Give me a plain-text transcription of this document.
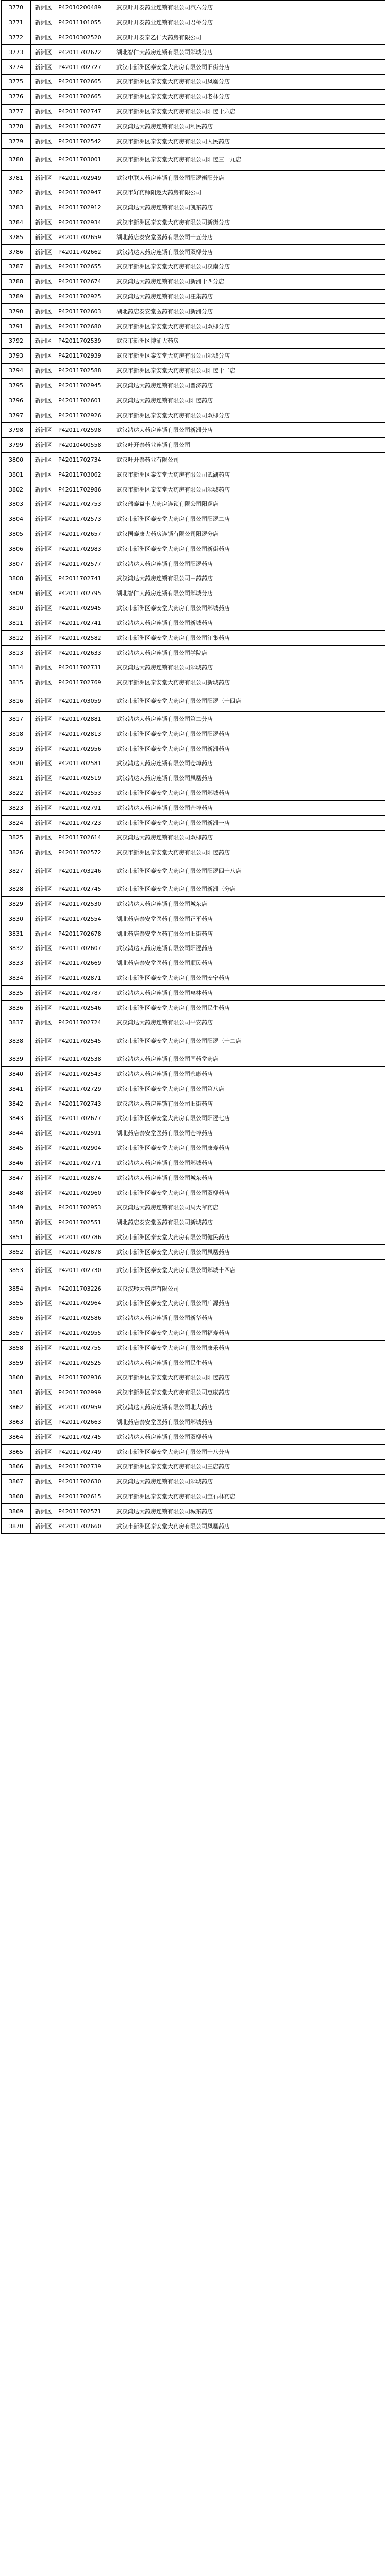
3770	新洲区	P42010200489	武汉叶开泰药业连锁有限公司汽六分店
3771	新洲区	P42011101055	武汉叶开泰药业连锁有限公司君桥分店
3772	新洲区	P42010302520	武汉叶开泰泰乙仁大药房有限公司
3773	新洲区	P42011702672	湖北智仁大药房连锁有限公司邾城分店
3774	新洲区	P42011702727	武汉市新洲区泰安堂大药房有限公司旧街分店
3775	新洲区	P42011702665	武汉市新洲区泰安堂大药房有限公司凤凰分店
3776	新洲区	P42011702665	武汉市新洲区泰安堂大药房有限公司老林分店
3777	新洲区	P42011702747	武汉市新洲区泰安堂大药房有限公司阳逻十六店
3778	新洲区	P42011702677	武汉鸿达大药房连锁有限公司利民药店
3779	新洲区	P42011702542	武汉市新洲区泰安堂大药房有限公司人民药店
3780	新洲区	P42011703001	武汉市新洲区泰安堂大药房有限公司阳逻三十九店
3781	新洲区	P42011702949	武汉中联大药房连锁有限公司阳逻衡阳分店
3782	新洲区	P42011702947	武汉市好药师阳逻大药房有限公司
3783	新洲区	P42011702912	武汉鸿达大药房连锁有限公司凯东药店
3784	新洲区	P42011702934	武汉市新洲区泰安堂大药房有限公司新街分店
3785	新洲区	P42011702659	湖北药店泰安堂医药有限公司十五分店
3786	新洲区	P42011702662	武汉鸿达大药房连锁有限公司双柳分店
3787	新洲区	P42011702655	武汉市新洲区泰安堂大药房有限公司汉南分店
3788	新洲区	P42011702674	武汉鸿达大药房连锁有限公司新洲十四分店
3789	新洲区	P42011702925	武汉鸿达大药房连锁有限公司汪集药店
3790	新洲区	P42011702603	湖北药店泰安堂医药有限公司新洲分店
3791	新洲区	P42011702680	武汉市新洲区泰安堂大药房有限公司双柳分店
3792	新洲区	P42011702539	武汉市新洲区博涌大药房
3793	新洲区	P42011702939	武汉市新洲区泰安堂大药房有限公司邾城分店
3794	新洲区	P42011702588	武汉市新洲区泰安堂大药房有限公司阳逻十二店
3795	新洲区	P42011702945	武汉鸿达大药房连锁有限公司普济药店
3796	新洲区	P42011702601	武汉鸿达大药房连锁有限公司阳逻药店
3797	新洲区	P42011702926	武汉市新洲区泰安堂大药房有限公司双柳分店
3798	新洲区	P42011702598	武汉鸿达大药房连锁有限公司新洲分店
3799	新洲区	P42010400558	武汉叶开泰药业连锁有限公司
3800	新洲区	P42011702734	武汉叶开泰药业有限公司
3801	新洲区	P42011703062	武汉市新洲区泰安堂大药房有限公司武湖药店
3802	新洲区	P42011702986	武汉市新洲区泰安堂大药房有限公司邾城药店
3803	新洲区	P42011702753	武汉瑞泰益丰大药房连锁有限公司阳逻店
3804	新洲区	P42011702573	武汉市新洲区泰安堂大药房有限公司阳逻二店
3805	新洲区	P42011702657	武汉国泰康大药房连锁有限公司阳逻分店
3806	新洲区	P42011702983	武汉市新洲区泰安堂大药房有限公司新街药店
3807	新洲区	P42011702577	武汉鸿达大药房连锁有限公司阳逻药店
3808	新洲区	P42011702741	武汉鸿达大药房连锁有限公司中药药店
3809	新洲区	P42011702795	湖北智仁大药房连锁有限公司邾城分店
3810	新洲区	P42011702945	武汉市新洲区泰安堂大药房有限公司邾城药店
3811	新洲区	P42011702741	武汉鸿达大药房连锁有限公司新城药店
3812	新洲区	P42011702582	武汉市新洲区泰安堂大药房有限公司汪集药店
3813	新洲区	P42011702633	武汉鸿达大药房连锁有限公司学院店
3814	新洲区	P42011702731	武汉鸿达大药房连锁有限公司邾城药店
3815	新洲区	P42011702769	武汉市新洲区泰安堂大药房有限公司新城药店
3816	新洲区	P42011703059	武汉市新洲区泰安堂大药房有限公司阳逻三十四店
3817	新洲区	P42011702881	武汉鸿达大药房连锁有限公司第二分店
3818	新洲区	P42011702813	武汉市新洲区泰安堂大药房有限公司阳逻药店
3819	新洲区	P42011702956	武汉市新洲区泰安堂大药房有限公司新洲药店
3820	新洲区	P42011702581	武汉鸿达大药房连锁有限公司仓埠药店
3821	新洲区	P42011702519	武汉鸿达大药房连锁有限公司凤凰药店
3822	新洲区	P42011702553	武汉市新洲区泰安堂大药房有限公司邾城药店
3823	新洲区	P42011702791	武汉鸿达大药房连锁有限公司仓埠药店
3824	新洲区	P42011702723	武汉市新洲区泰安堂大药房有限公司新洲一店
3825	新洲区	P42011702614	武汉鸿达大药房连锁有限公司双柳药店
3826	新洲区	P42011702572	武汉市新洲区泰安堂大药房有限公司阳逻药店
3827	新洲区	P42011703246	武汉市新洲区泰安堂大药房有限公司阳逻四十八店
3828	新洲区	P42011702745	武汉市新洲区泰安堂大药房有限公司新洲三分店
3829	新洲区	P42011702530	武汉鸿达大药房连锁有限公司城东店
3830	新洲区	P42011702554	湖北药店泰安堂医药有限公司正平药店
3831	新洲区	P42011702678	湖北药店泰安堂医药有限公司旧街药店
3832	新洲区	P42011702607	武汉鸿达大药房连锁有限公司阳逻药店
3833	新洲区	P42011702669	湖北药店泰安堂医药有限公司顺民药店
3834	新洲区	P42011702871	武汉市新洲区泰安堂大药房有限公司安宁药店
3835	新洲区	P42011702787	武汉鸿达大药房连锁有限公司惠林药店
3836	新洲区	P42011702546	武汉市新洲区泰安堂大药房有限公司民生药店
3837	新洲区	P42011702724	武汉鸿达大药房连锁有限公司平安药店
3838	新洲区	P42011702545	武汉市新洲区泰安堂大药房有限公司阳逻三十二店
3839	新洲区	P42011702538	武汉鸿达大药房连锁有限公司国药堂药店
3840	新洲区	P42011702543	武汉鸿达大药房连锁有限公司永康药店
3841	新洲区	P42011702729	武汉市新洲区泰安堂大药房有限公司第八店
3842	新洲区	P42011702743	武汉鸿达大药房连锁有限公司旧街药店
3843	新洲区	P42011702677	武汉市新洲区泰安堂大药房有限公司阳逻七店
3844	新洲区	P42011702591	湖北药店泰安堂医药有限公司仓埠药店
3845	新洲区	P42011702904	武汉市新洲区泰安堂大药房有限公司康寿药店
3846	新洲区	P42011702771	武汉鸿达大药房连锁有限公司邾城药店
3847	新洲区	P42011702874	武汉鸿达大药房连锁有限公司城东药店
3848	新洲区	P42011702960	武汉市新洲区泰安堂大药房有限公司双柳药店
3849	新洲区	P42011702953	武汉鸿达大药房连锁有限公司周大爷药店
3850	新洲区	P42011702551	湖北药店泰安堂医药有限公司新城药店
3851	新洲区	P42011702786	武汉市新洲区泰安堂大药房有限公司健民药店
3852	新洲区	P42011702878	武汉市新洲区泰安堂大药房有限公司凤凰药店
3853	新洲区	P42011702730	武汉市新洲区泰安堂大药房有限公司邾城十四店
3854	新洲区	P42011703226	武汉汉珍大药房有限公司
3855	新洲区	P42011702964	武汉市新洲区泰安堂大药房有限公司广源药店
3856	新洲区	P42011702586	武汉鸿达大药房连锁有限公司新华药店
3857	新洲区	P42011702955	武汉市新洲区泰安堂大药房有限公司福寿药店
3858	新洲区	P42011702755	武汉市新洲区泰安堂大药房有限公司康乐药店
3859	新洲区	P42011702525	武汉鸿达大药房连锁有限公司民生药店
3860	新洲区	P42011702936	武汉市新洲区泰安堂大药房有限公司阳逻药店
3861	新洲区	P42011702999	武汉市新洲区泰安堂大药房有限公司惠康药店
3862	新洲区	P42011702959	武汉鸿达大药房连锁有限公司北大药店
3863	新洲区	P42011702663	湖北药店泰安堂医药有限公司邾城药店
3864	新洲区	P42011702745	武汉鸿达大药房连锁有限公司双柳药店
3865	新洲区	P42011702749	武汉市新洲区泰安堂大药房有限公司十八分店
3866	新洲区	P42011702739	武汉市新洲区泰安堂大药房有限公司三店药店
3867	新洲区	P42011702630	武汉鸿达大药房连锁有限公司邾城药店
3868	新洲区	P42011702615	武汉市新洲区泰安堂大药房有限公司宝石林药店
3869	新洲区	P42011702571	武汉鸿达大药房连锁有限公司城东药店
3870	新洲区	P42011702660	武汉市新洲区泰安堂大药房有限公司凤凰药店
